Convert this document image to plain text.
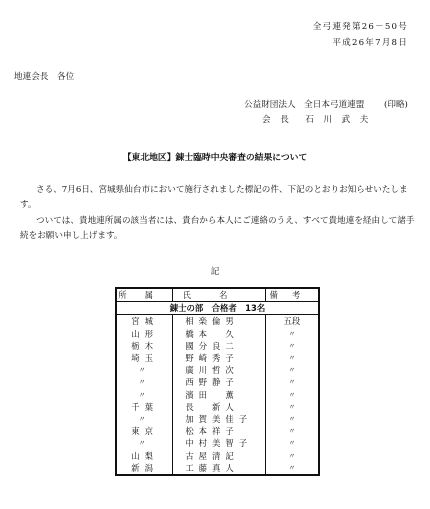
全弓連発第26－50号
平成26年7月8日
地連会長　各位
公益財団法人　全日本弓道連盟 (印略)
会　長 石　川　武　夫
【東北地区】錬士臨時中央審査の結果について
さる、7月6日、宮城県仙台市において施行されました標記の件、下記のとおりお知らせいたします。
ついては、貴地連所属の該当者には、貴台から本人にご連絡のうえ、すべて貴地連を経由して諸手続をお願い申し上げます。
記
所属	氏名	備考
錬士の部　合格者　13名		
宮城	相楽倫男	五段
山形	橋本　久	〃
栃木	國分良二	〃
埼玉	野崎秀子	〃
〃	廣川哲次	〃
〃	西野静子	〃
〃	濱田　薫	〃
千葉	長　新人	〃
〃	加賀美佳子	〃
東京	松本祥子	〃
〃	中村美智子	〃
山梨	古屋清記	〃
新潟	工藤真人	〃
